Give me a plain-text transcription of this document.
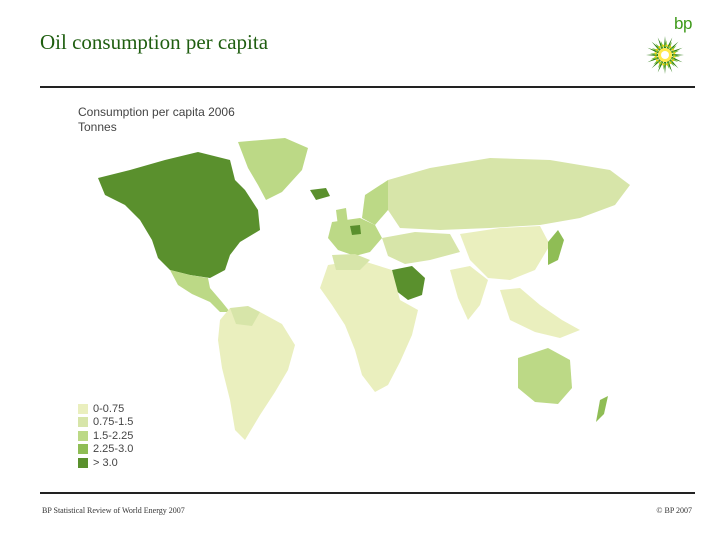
Oil consumption per capita
bp
Consumption per capita 2006
Tonnes
0-0.75
0.75-1.5
1.5-2.25
2.25-3.0
> 3.0
BP Statistical Review of World Energy 2007	© BP 2007
